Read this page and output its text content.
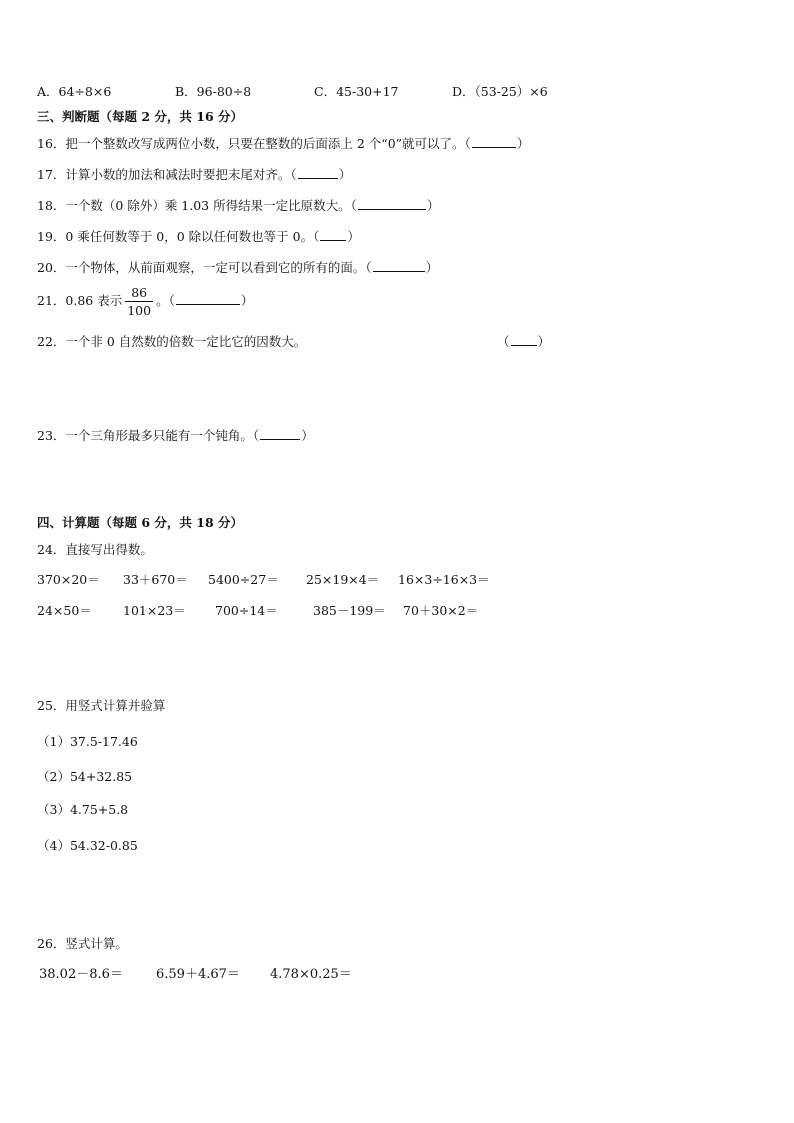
A．64÷8×6	B．96-80÷8	C．45-30+17	D．（53-25）×6
三、判断题（每题 2 分，共 16 分）
16．把一个整数改写成两位小数，只要在整数的后面添上 2 个“0”就可以了。（	）
17．计算小数的加法和减法时要把末尾对齐。（	）
18．一个数（0 除外）乘 1.03 所得结果一定比原数大。（	）
19．0 乘任何数等于 0，0 除以任何数也等于 0。（ ）
20．一个物体，从前面观察，一定可以看到它的所有的面。（	）
21．0.86 表示 $\frac{86}{100}$ 。（	）
22．一个非 0 自然数的倍数一定比它的因数大。	（ ）
23．一个三角形最多只能有一个钝角。（	）
四、计算题（每题 6 分，共 18 分）
24．直接写出得数。
370×20＝ 33＋670＝ 5400÷27＝ 25×19×4＝ 16×3÷16×3＝
24×50＝ 101×23＝ 700÷14＝	385－199＝ 70＋30×2＝
25．用竖式计算并验算
（1）37.5-17.46
（2）54+32.85
（3）4.75+5.8
（4）54.32-0.85
26．竖式计算。
38.02－8.6＝	6.59＋4.67＝ 4.78×0.25＝
